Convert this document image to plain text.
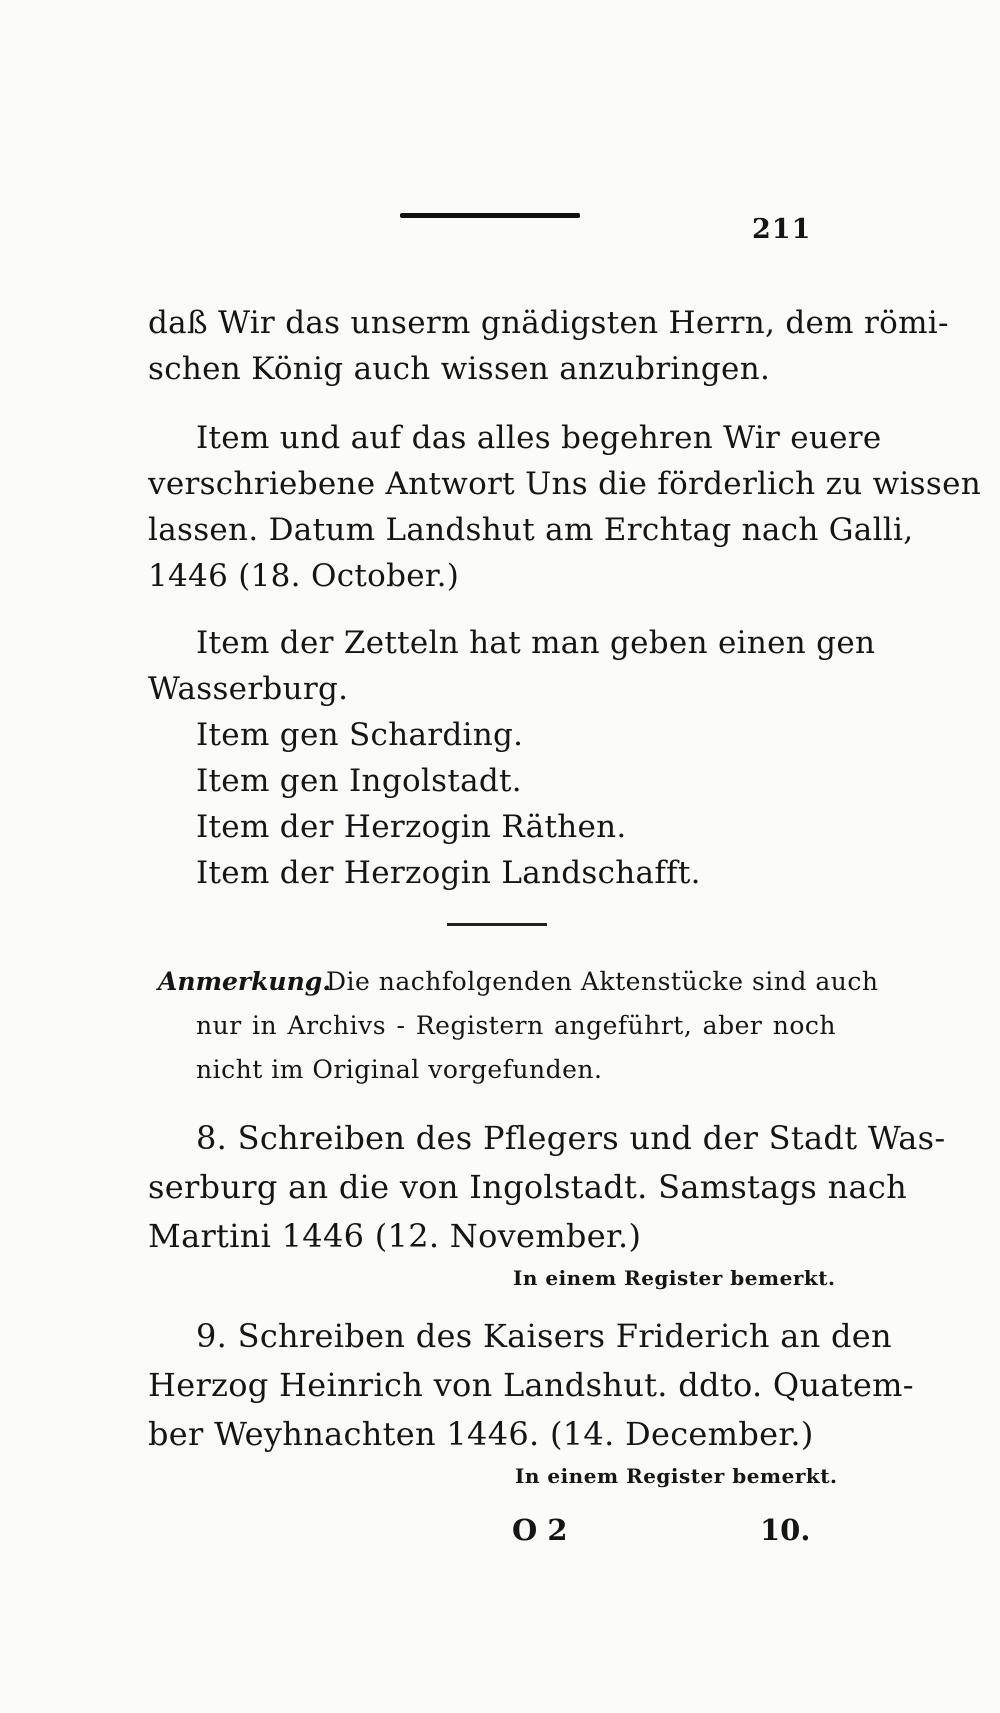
211
daß Wir das unserm gnädigsten Herrn, dem römi-
schen König auch wissen anzubringen.
Item und auf das alles begehren Wir euere
verschriebene Antwort Uns die förderlich zu wissen
lassen. Datum Landshut am Erchtag nach Galli,
1446 (18. October.)
Item der Zetteln hat man geben einen gen
Wasserburg.
Item gen Scharding.
Item gen Ingolstadt.
Item der Herzogin Räthen.
Item der Herzogin Landschafft.
Anmerkung.
Die nachfolgenden Aktenstücke sind auch
nur in Archivs - Registern angeführt, aber noch
nicht im Original vorgefunden.
8. Schreiben des Pflegers und der Stadt Was-
serburg an die von Ingolstadt. Samstags nach
Martini 1446 (12. November.)
In einem Register bemerkt.
9. Schreiben des Kaisers Friderich an den
Herzog Heinrich von Landshut. ddto. Quatem-
ber Weyhnachten 1446. (14. December.)
In einem Register bemerkt.
O 2	10.
